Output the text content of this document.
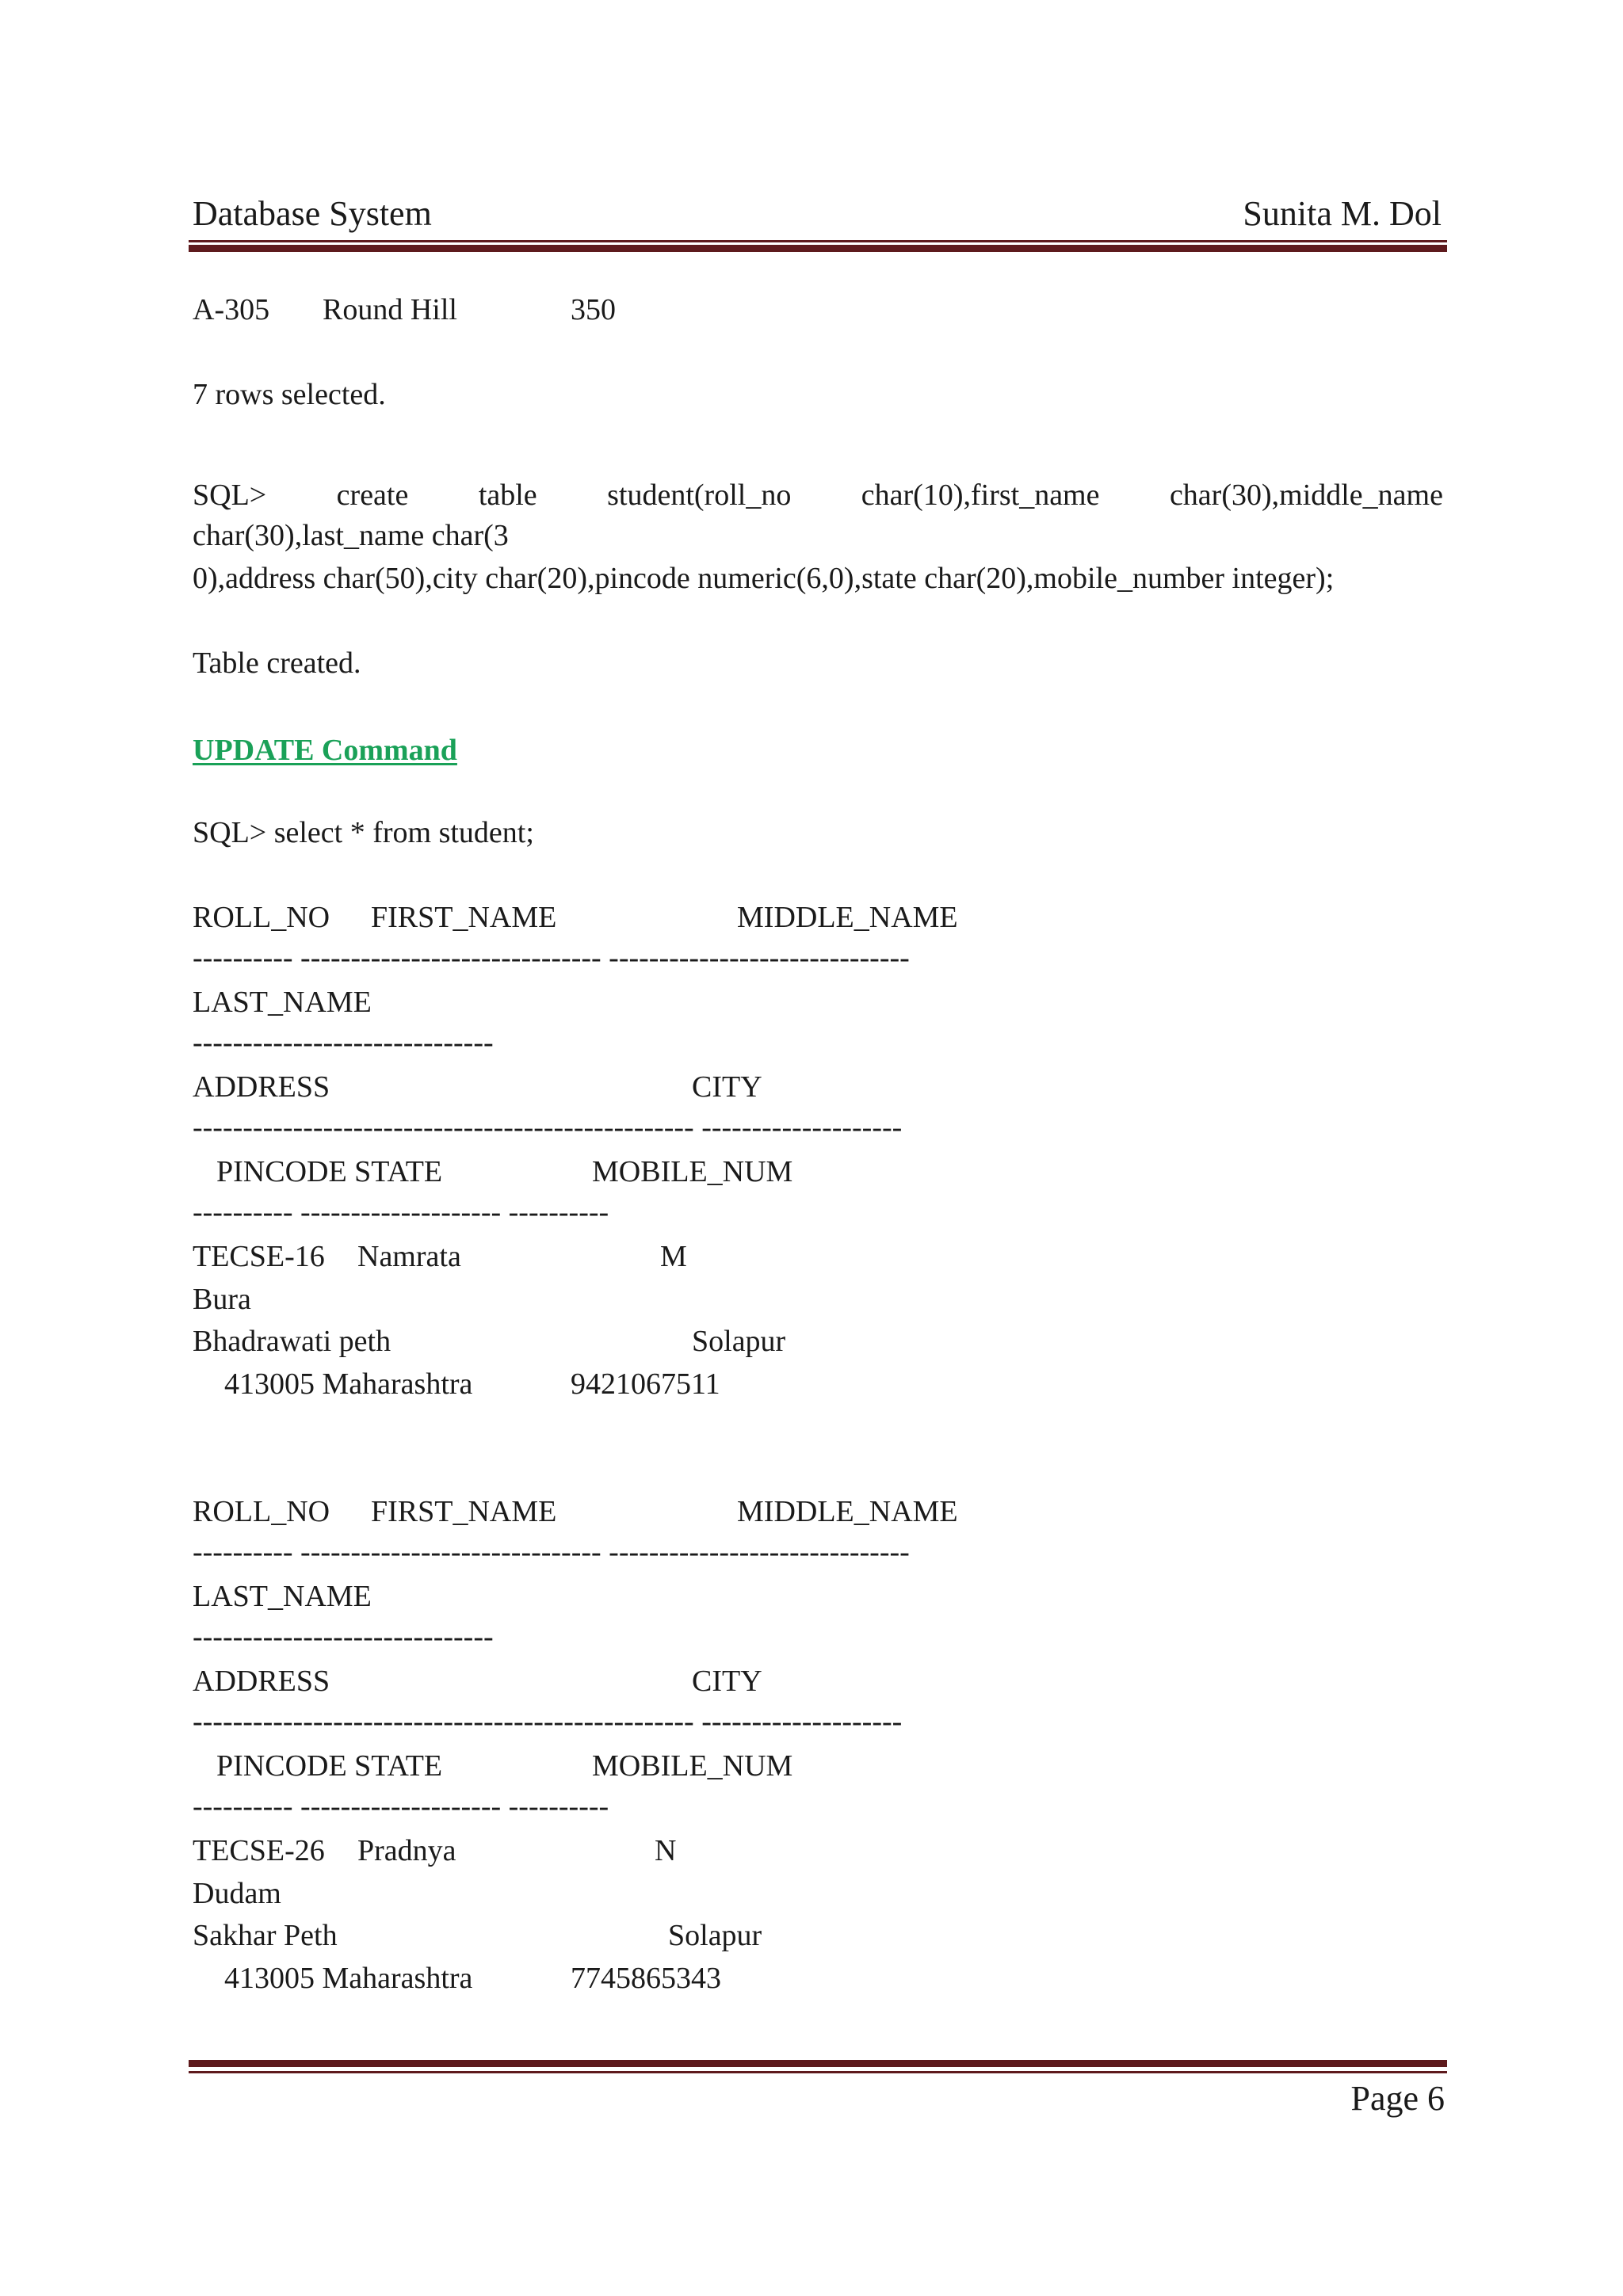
Database System	Sunita M. Dol
A-305 Round Hill	350
7 rows selected.
SQL> create table student(roll_no char(10),first_name char(30),middle_name
char(30),last_name char(3
0),address char(50),city char(20),pincode numeric(6,0),state char(20),mobile_number integer);
Table created.
UPDATE Command
SQL> select * from student;
ROLL_NO FIRST_NAME	MIDDLE_NAME
---------- ------------------------------ ------------------------------
LAST_NAME
------------------------------
ADDRESS	CITY
-------------------------------------------------- --------------------
PINCODE STATE	MOBILE_NUM
---------- -------------------- ----------
TECSE-16 Namrata	M
Bura
Bhadrawati peth	Solapur
413005 Maharashtra	9421067511
ROLL_NO FIRST_NAME	MIDDLE_NAME
---------- ------------------------------ ------------------------------
LAST_NAME
------------------------------
ADDRESS	CITY
-------------------------------------------------- --------------------
PINCODE STATE	MOBILE_NUM
---------- -------------------- ----------
TECSE-26 Pradnya	N
Dudam
Sakhar Peth	Solapur
413005 Maharashtra	7745865343
Page 6
